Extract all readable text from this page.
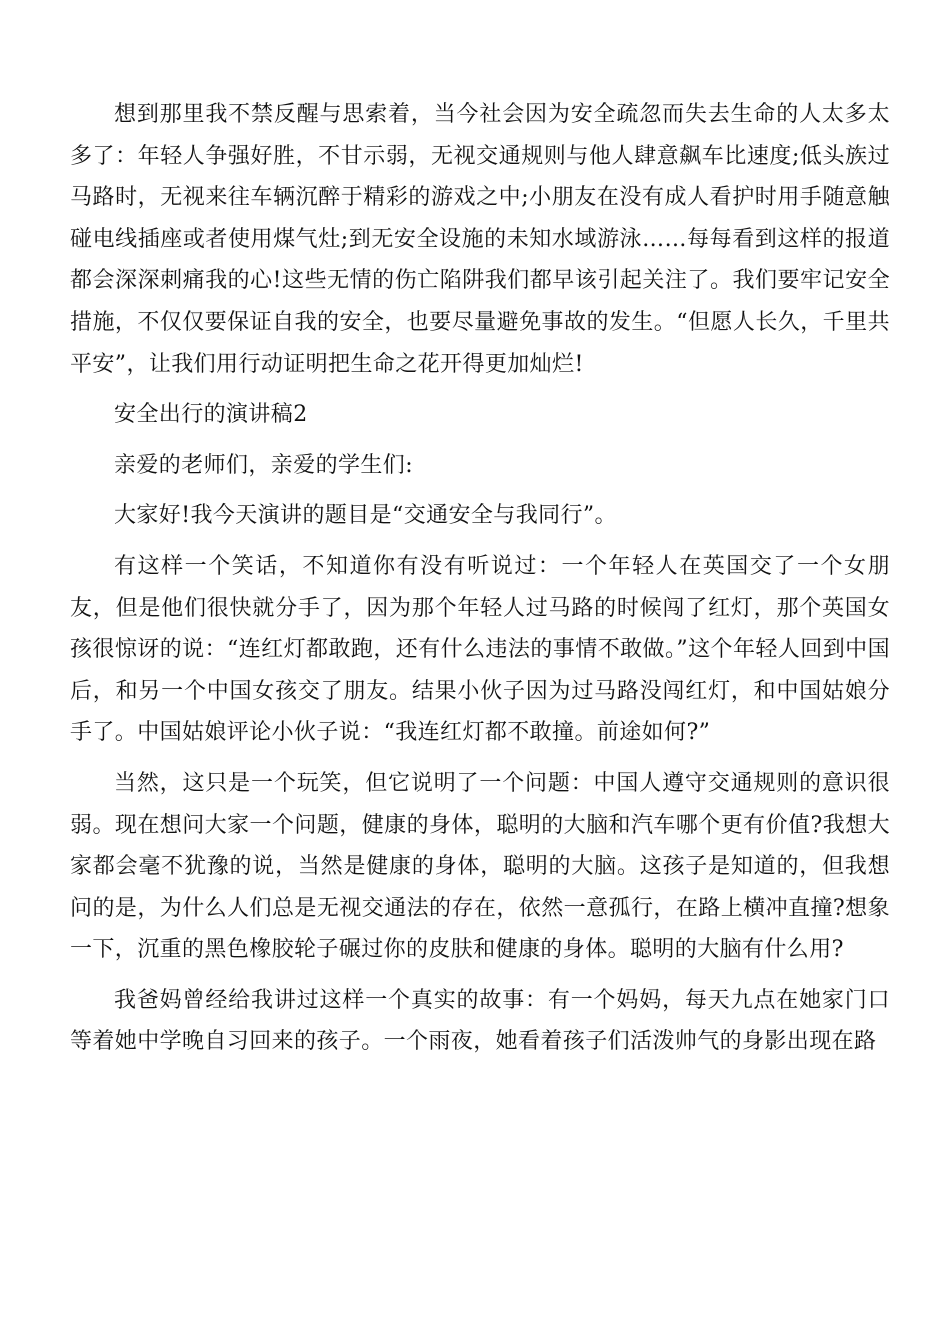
想到那里我不禁反醒与思索着，当今社会因为安全疏忽而失去生命的人太多太多了：年轻人争强好胜，不甘示弱，无视交通规则与他人肆意飙车比速度;低头族过马路时，无视来往车辆沉醉于精彩的游戏之中;小朋友在没有成人看护时用手随意触碰电线插座或者使用煤气灶;到无安全设施的未知水域游泳……每每看到这样的报道都会深深刺痛我的心!这些无情的伤亡陷阱我们都早该引起关注了。我们要牢记安全措施，不仅仅要保证自我的安全，也要尽量避免事故的发生。“但愿人长久，千里共平安”，让我们用行动证明把生命之花开得更加灿烂!

安全出行的演讲稿2

亲爱的老师们，亲爱的学生们:

大家好!我今天演讲的题目是“交通安全与我同行”。

有这样一个笑话，不知道你有没有听说过：一个年轻人在英国交了一个女朋友，但是他们很快就分手了，因为那个年轻人过马路的时候闯了红灯，那个英国女孩很惊讶的说：“连红灯都敢跑，还有什么违法的事情不敢做。”这个年轻人回到中国后，和另一个中国女孩交了朋友。结果小伙子因为过马路没闯红灯，和中国姑娘分手了。中国姑娘评论小伙子说：“我连红灯都不敢撞。前途如何?”

当然，这只是一个玩笑，但它说明了一个问题：中国人遵守交通规则的意识很弱。现在想问大家一个问题，健康的身体，聪明的大脑和汽车哪个更有价值?我想大家都会毫不犹豫的说，当然是健康的身体，聪明的大脑。这孩子是知道的，但我想问的是，为什么人们总是无视交通法的存在，依然一意孤行，在路上横冲直撞?想象一下，沉重的黑色橡胶轮子碾过你的皮肤和健康的身体。聪明的大脑有什么用?

我爸妈曾经给我讲过这样一个真实的故事：有一个妈妈，每天九点在她家门口等着她中学晚自习回来的孩子。一个雨夜，她看着孩子们活泼帅气的身影出现在路
